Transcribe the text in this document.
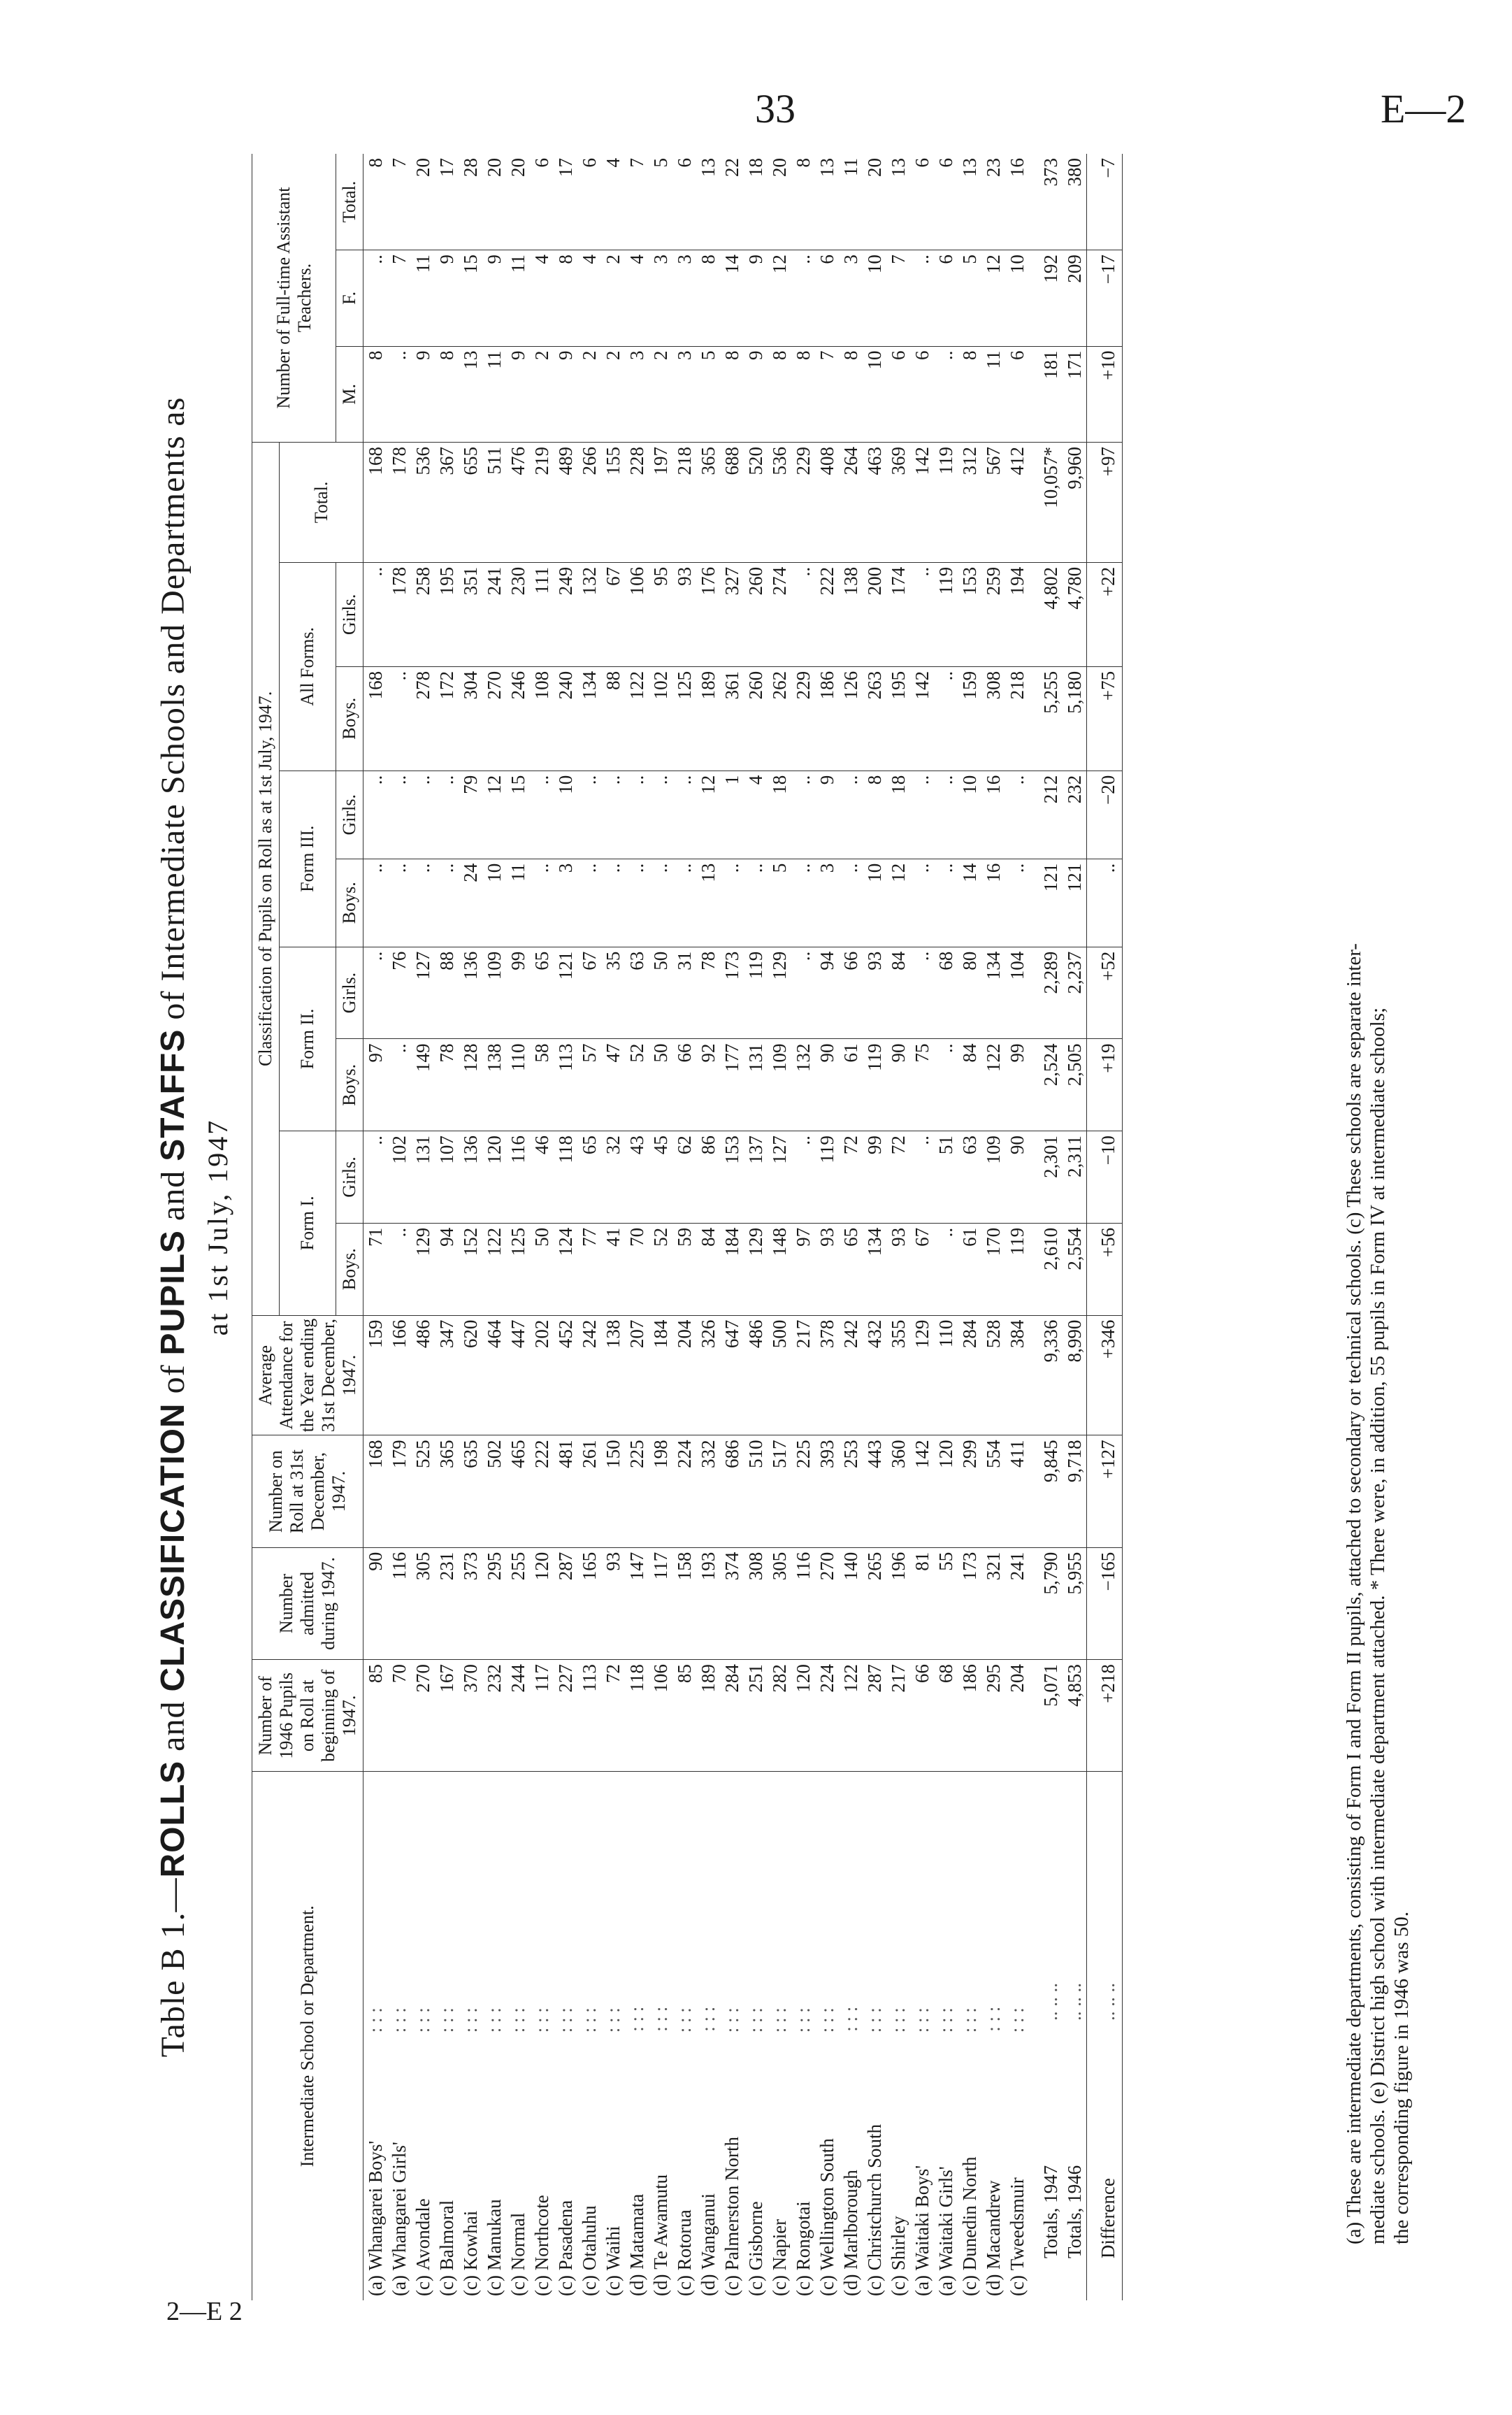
33	E—2
2—E 2
Table B 1.—ROLLS and CLASSIFICATION of PUPILS and STAFFS of Intermediate Schools and Departments as
at 1st July, 1947
Intermediate School or Department.	Number of 1946 Pupils on Roll at beginning of 1947.	Number admitted during 1947.	Number on Roll at 31st December, 1947.	Average Attendance for the Year ending 31st December, 1947.	Classification of Pupils on Roll as at 1st July, 1947.									Number of Full-time Assistant Teachers.		
					Form I.		Form II.		Form III.		All Forms.		Total.			
					Boys.	Girls.	Boys.	Girls.	Boys.	Girls.	Boys.	Girls.		M.	F.	Total.
(a) Whangarei Boys': : :	85	90	168	159	71	..	97	..	..	..	168	..	168	8	..	8
(a) Whangarei Girls': : :	70	116	179	166	..	102	..	76	..	..	..	178	178	..	7	7
(c) Avondale: : :	270	305	525	486	129	131	149	127	..	..	278	258	536	9	11	20
(c) Balmoral: : :	167	231	365	347	94	107	78	88	..	..	172	195	367	8	9	17
(c) Kowhai: : :	370	373	635	620	152	136	128	136	24	79	304	351	655	13	15	28
(c) Manukau: : :	232	295	502	464	122	120	138	109	10	12	270	241	511	11	9	20
(c) Normal: : :	244	255	465	447	125	116	110	99	11	15	246	230	476	9	11	20
(c) Northcote: : :	117	120	222	202	50	46	58	65	..	..	108	111	219	2	4	6
(c) Pasadena: : :	227	287	481	452	124	118	113	121	3	10	240	249	489	9	8	17
(c) Otahuhu: : :	113	165	261	242	77	65	57	67	..	..	134	132	266	2	4	6
(c) Waihi: : :	72	93	150	138	41	32	47	35	..	..	88	67	155	2	2	4
(d) Matamata: : :	118	147	225	207	70	43	52	63	..	..	122	106	228	3	4	7
(d) Te Awamutu: : :	106	117	198	184	52	45	50	50	..	..	102	95	197	2	3	5
(c) Rotorua: : :	85	158	224	204	59	62	66	31	..	..	125	93	218	3	3	6
(d) Wanganui: : :	189	193	332	326	84	86	92	78	13	12	189	176	365	5	8	13
(c) Palmerston North: : :	284	374	686	647	184	153	177	173	..	1	361	327	688	8	14	22
(c) Gisborne: : :	251	308	510	486	129	137	131	119	..	4	260	260	520	9	9	18
(c) Napier: : :	282	305	517	500	148	127	109	129	5	18	262	274	536	8	12	20
(c) Rongotai: : :	120	116	225	217	97	..	132	..	..	..	229	..	229	8	..	8
(c) Wellington South: : :	224	270	393	378	93	119	90	94	3	9	186	222	408	7	6	13
(d) Marlborough: : :	122	140	253	242	65	72	61	66	..	..	126	138	264	8	3	11
(c) Christchurch South: : :	287	265	443	432	134	99	119	93	10	8	263	200	463	10	10	20
(c) Shirley: : :	217	196	360	355	93	72	90	84	12	18	195	174	369	6	7	13
(a) Waitaki Boys': : :	66	81	142	129	67	..	75	..	..	..	142	..	142	6	..	6
(a) Waitaki Girls': : :	68	55	120	110	..	51	..	68	..	..	..	119	119	..	6	6
(c) Dunedin North: : :	186	173	299	284	61	63	84	80	14	10	159	153	312	8	5	13
(d) Macandrew: : :	295	321	554	528	170	109	122	134	16	16	308	259	567	11	12	23
(c) Tweedsmuir: : :	204	241	411	384	119	90	99	104	..	..	218	194	412	6	10	16

Totals, 1947.. .. ..	5,071	5,790	9,845	9,336	2,610	2,301	2,524	2,289	121	212	5,255	4,802	10,057*	181	192	373
Totals, 1946.. .. ..	4,853	5,955	9,718	8,990	2,554	2,311	2,505	2,237	121	232	5,180	4,780	9,960	171	209	380
Difference.. .. ..	+218	−165	+127	+346	+56	−10	+19	+52	..	−20	+75	+22	+97	+10	−17	−7
(a) These are intermediate departments, consisting of Form I and Form II pupils, attached to secondary or technical schools. (c) These schools are separate inter- mediate schools. (e) District high school with intermediate department attached. * There were, in addition, 55 pupils in Form IV at intermediate schools; the corresponding figure in 1946 was 50.
